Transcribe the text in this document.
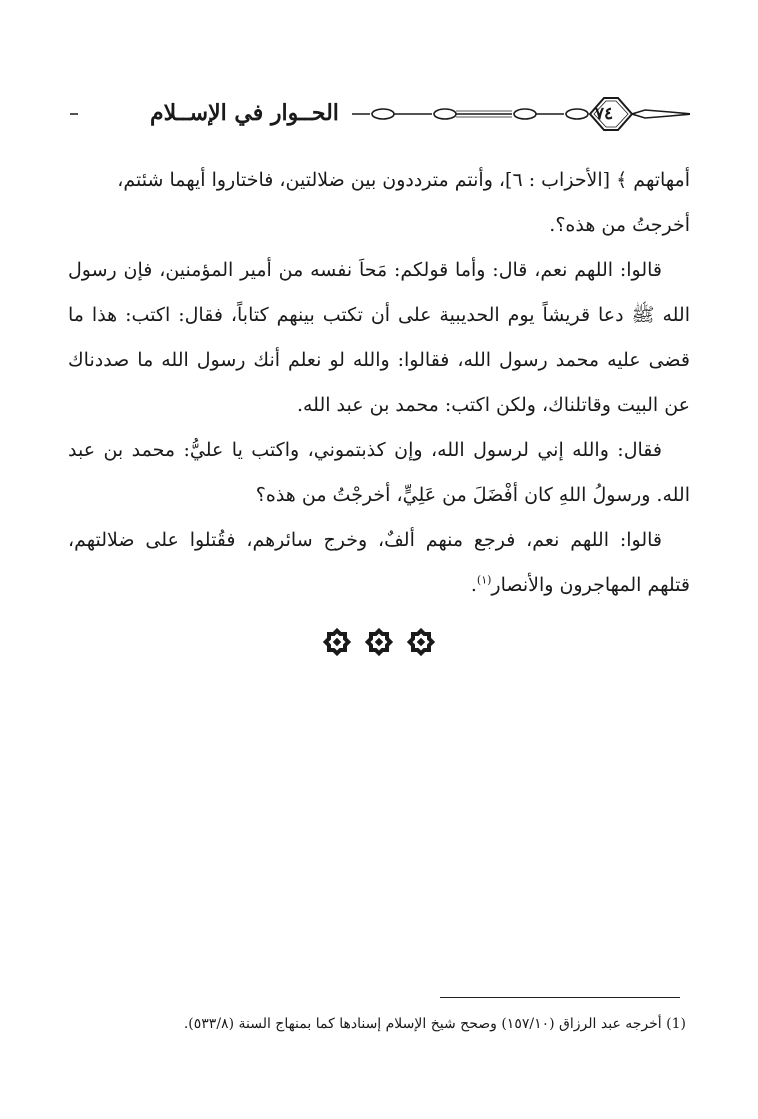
الحــوار في الإســلام	٧٤

أمهاتهم ﴾ [الأحزاب : ٦]، وأنتم مترددون بين ضلالتين، فاختاروا أيهما شئتم،
أخرجتُ من هذه؟.

قالوا: اللهم نعم، قال: وأما قولكم: مَحاَ نفسه من أمير المؤمنين، فإن رسول الله ﷺ دعا قريشاً يوم الحديبية على أن تكتب بينهم كتاباً، فقال: اكتب: هذا ما قضى عليه محمد رسول الله، فقالوا: والله لو نعلم أنك رسول الله ما صددناك عن البيت وقاتلناك، ولكن اكتب: محمد بن عبد الله.

فقال: والله إني لرسول الله، وإن كذبتموني، واكتب يا عليُّ: محمد بن عبد الله. ورسولُ اللهِ كان أفْضَلَ من عَلِيٍّ، أخرجْتُ من هذه؟

قالوا: اللهم نعم، فرجع منهم ألفٌ، وخرج سائرهم، فقُتلوا على ضلالتهم، قتلهم المهاجرون والأنصار$^{(١)}$.

(1) أخرجه عبد الرزاق (١٥٧/١٠) وصحح شيخ الإسلام إسنادها كما بمنهاج السنة (٥٣٣/٨).
